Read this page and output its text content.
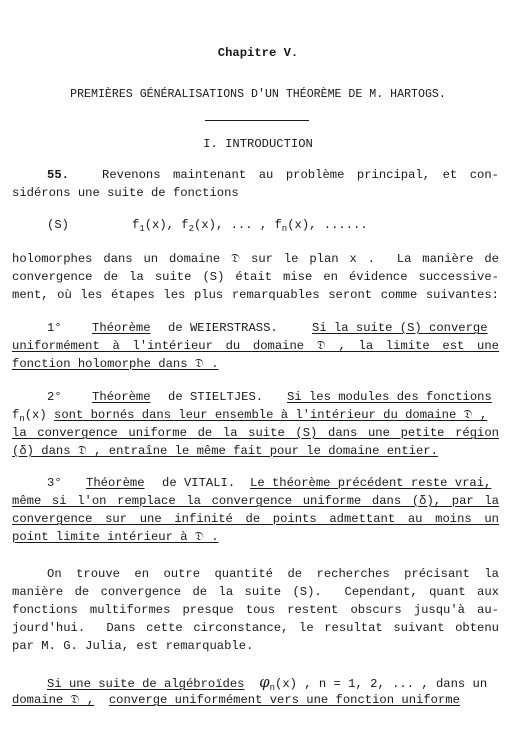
Chapitre V.
PREMIÈRES GÉNÉRALISATIONS D'UN THÉORÈME DE M. HARTOGS.
I. INTRODUCTION
55.	Revenons maintenant au problème principal, et con-
sidérons une suite de fonctions
(S)	$f_1(x)$, $f_2(x)$, ... , $f_n(x)$, ......
holomorphes dans un domaine 𝔇 sur le plan x .  La manière de
convergence de la suite (S) était mise en évidence successive-
ment, où les étapes les plus remarquables seront comme suivantes:
1° Théorème de WEIERSTRASS.	Si la suite (S) converge
uniformément à l'intérieur du domaine 𝔇 , la limite est une
fonction holomorphe dans 𝔇 .
2° Théorème de STIELTJES. Si les modules des fonctions
$f_n(x)$ sont bornés dans leur ensemble à l'intérieur du domaine 𝔇 ,
la convergence uniforme de la suite (S) dans une petite région
(δ) dans 𝔇 , entraîne le même fait pour le domaine entier.
3° Théorème de VITALI. Le théorème précédent reste vrai,
même si l'on remplace la convergence uniforme dans (δ), par la
convergence sur une infinité de points admettant au moins un
point limite intérieur à 𝔇 .
On trouve en outre quantité de recherches précisant la
manière de convergence de la suite (S).  Cependant, quant aux
fonctions multiformes presque tous restent obscurs jusqu'à au-
jourd'hui.  Dans cette circonstance, le resultat suivant obtenu
par M. G. Julia, est remarquable.
Si une suite de algébroïdes $\varphi_n(x)$ , n = 1, 2, ... , dans un
domaine 𝔇 , converge uniformément vers une fonction uniforme
